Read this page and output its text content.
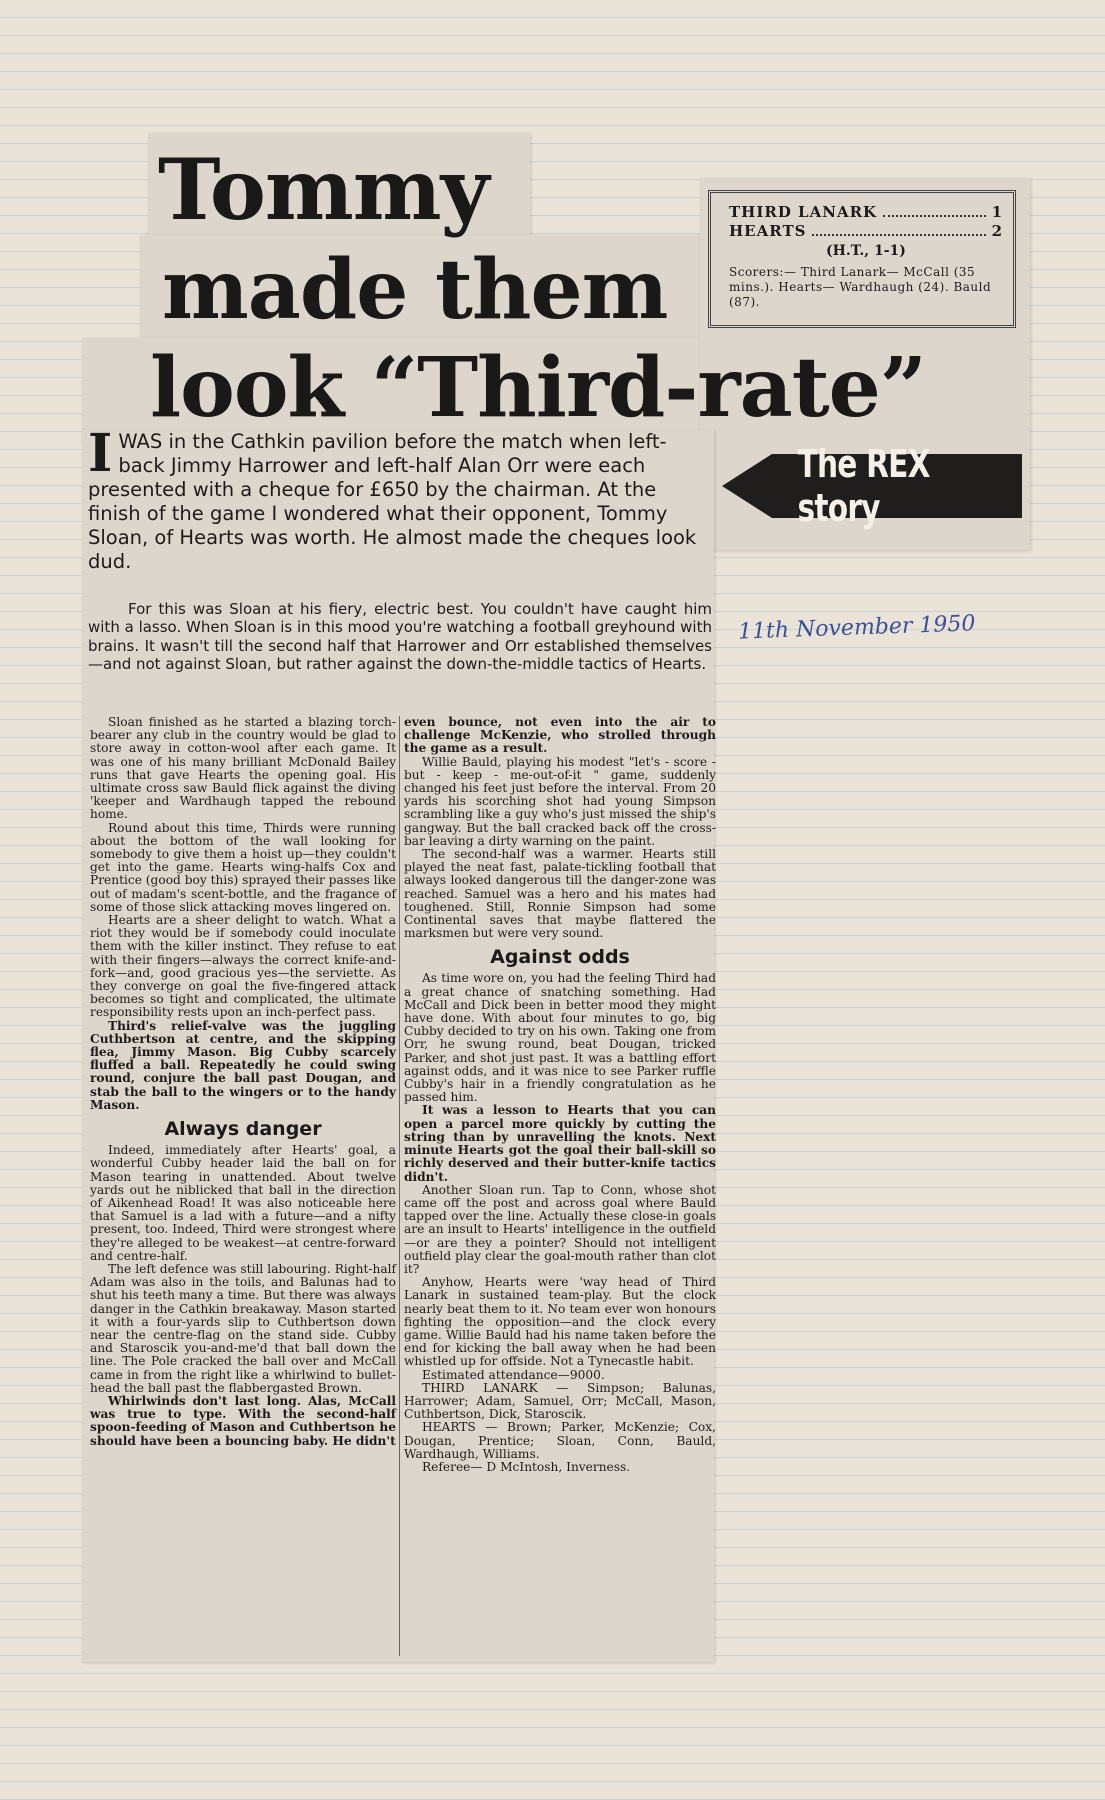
Tommy
made them
look “Third-rate”
THIRD LANARK	1
HEARTS	2
(H.T., 1-1)
Scorers:— Third Lanark— McCall (35 mins.). Hearts— Wardhaugh (24). Bauld (87).
The REX story
11th November 1950
I WAS in the Cathkin pavilion before the match when left-back Jimmy Harrower and left-half Alan Orr were each presented with a cheque for £650 by the chairman. At the finish of the game I wondered what their opponent, Tommy Sloan, of Hearts was worth. He almost made the cheques look dud.

For this was Sloan at his fiery, electric best. You couldn't have caught him with a lasso. When Sloan is in this mood you're watching a football greyhound with brains. It wasn't till the second half that Harrower and Orr established themselves—and not against Sloan, but rather against the down-the-middle tactics of Hearts.

Sloan finished as he started a blazing torch-bearer any club in the country would be glad to store away in cotton-wool after each game. It was one of his many brilliant McDonald Bailey runs that gave Hearts the opening goal. His ultimate cross saw Bauld flick against the diving 'keeper and Wardhaugh tapped the rebound home.

Round about this time, Thirds were running about the bottom of the wall looking for somebody to give them a hoist up—they couldn't get into the game. Hearts wing-halfs Cox and Prentice (good boy this) sprayed their passes like out of madam's scent-bottle, and the fragance of some of those slick attacking moves lingered on.

Hearts are a sheer delight to watch. What a riot they would be if somebody could inoculate them with the killer instinct. They refuse to eat with their fingers—always the correct knife-and-fork—and, good gracious yes—the serviette. As they converge on goal the five-fingered attack becomes so tight and complicated, the ultimate responsibility rests upon an inch-perfect pass.

Third's relief-valve was the juggling Cuthbertson at centre, and the skipping flea, Jimmy Mason. Big Cubby scarcely fluffed a ball. Repeatedly he could swing round, conjure the ball past Dougan, and stab the ball to the wingers or to the handy Mason.

Always danger

Indeed, immediately after Hearts' goal, a wonderful Cubby header laid the ball on for Mason tearing in unattended. About twelve yards out he niblicked that ball in the direction of Aikenhead Road! It was also noticeable here that Samuel is a lad with a future—and a nifty present, too. Indeed, Third were strongest where they're alleged to be weakest—at centre-forward and centre-half.

The left defence was still labouring. Right-half Adam was also in the toils, and Balunas had to shut his teeth many a time. But there was always danger in the Cathkin breakaway. Mason started it with a four-yards slip to Cuthbertson down near the centre-flag on the stand side. Cubby and Staroscik you-and-me'd that ball down the line. The Pole cracked the ball over and McCall came in from the right like a whirlwind to bullet-head the ball past the flabbergasted Brown.

Whirlwinds don't last long. Alas, McCall was true to type. With the second-half spoon-feeding of Mason and Cuthbertson he should have been a bouncing baby. He didn't

even bounce, not even into the air to challenge McKenzie, who strolled through the game as a result.

Willie Bauld, playing his modest "let's - score - but - keep - me-out-of-it " game, suddenly changed his feet just before the interval. From 20 yards his scorching shot had young Simpson scrambling like a guy who's just missed the ship's gangway. But the ball cracked back off the cross-bar leaving a dirty warning on the paint.

The second-half was a warmer. Hearts still played the neat fast, palate-tickling football that always looked dangerous till the danger-zone was reached. Samuel was a hero and his mates had toughened. Still, Ronnie Simpson had some Continental saves that maybe flattered the marksmen but were very sound.

Against odds

As time wore on, you had the feeling Third had a great chance of snatching something. Had McCall and Dick been in better mood they might have done. With about four minutes to go, big Cubby decided to try on his own. Taking one from Orr, he swung round, beat Dougan, tricked Parker, and shot just past. It was a battling effort against odds, and it was nice to see Parker ruffle Cubby's hair in a friendly congratulation as he passed him.

It was a lesson to Hearts that you can open a parcel more quickly by cutting the string than by unravelling the knots. Next minute Hearts got the goal their ball-skill so richly deserved and their butter-knife tactics didn't.

Another Sloan run. Tap to Conn, whose shot came off the post and across goal where Bauld tapped over the line. Actually these close-in goals are an insult to Hearts' intelligence in the outfield—or are they a pointer? Should not intelligent outfield play clear the goal-mouth rather than clot it?

Anyhow, Hearts were 'way head of Third Lanark in sustained team-play. But the clock nearly beat them to it. No team ever won honours fighting the opposition—and the clock every game. Willie Bauld had his name taken before the end for kicking the ball away when he had been whistled up for offside. Not a Tynecastle habit.

Estimated attendance—9000.

THIRD LANARK — Simpson; Balunas, Harrower; Adam, Samuel, Orr; McCall, Mason, Cuthbertson, Dick, Staroscik.

HEARTS — Brown; Parker, McKenzie; Cox, Dougan, Prentice; Sloan, Conn, Bauld, Wardhaugh, Williams.

Referee— D McIntosh, Inverness.
